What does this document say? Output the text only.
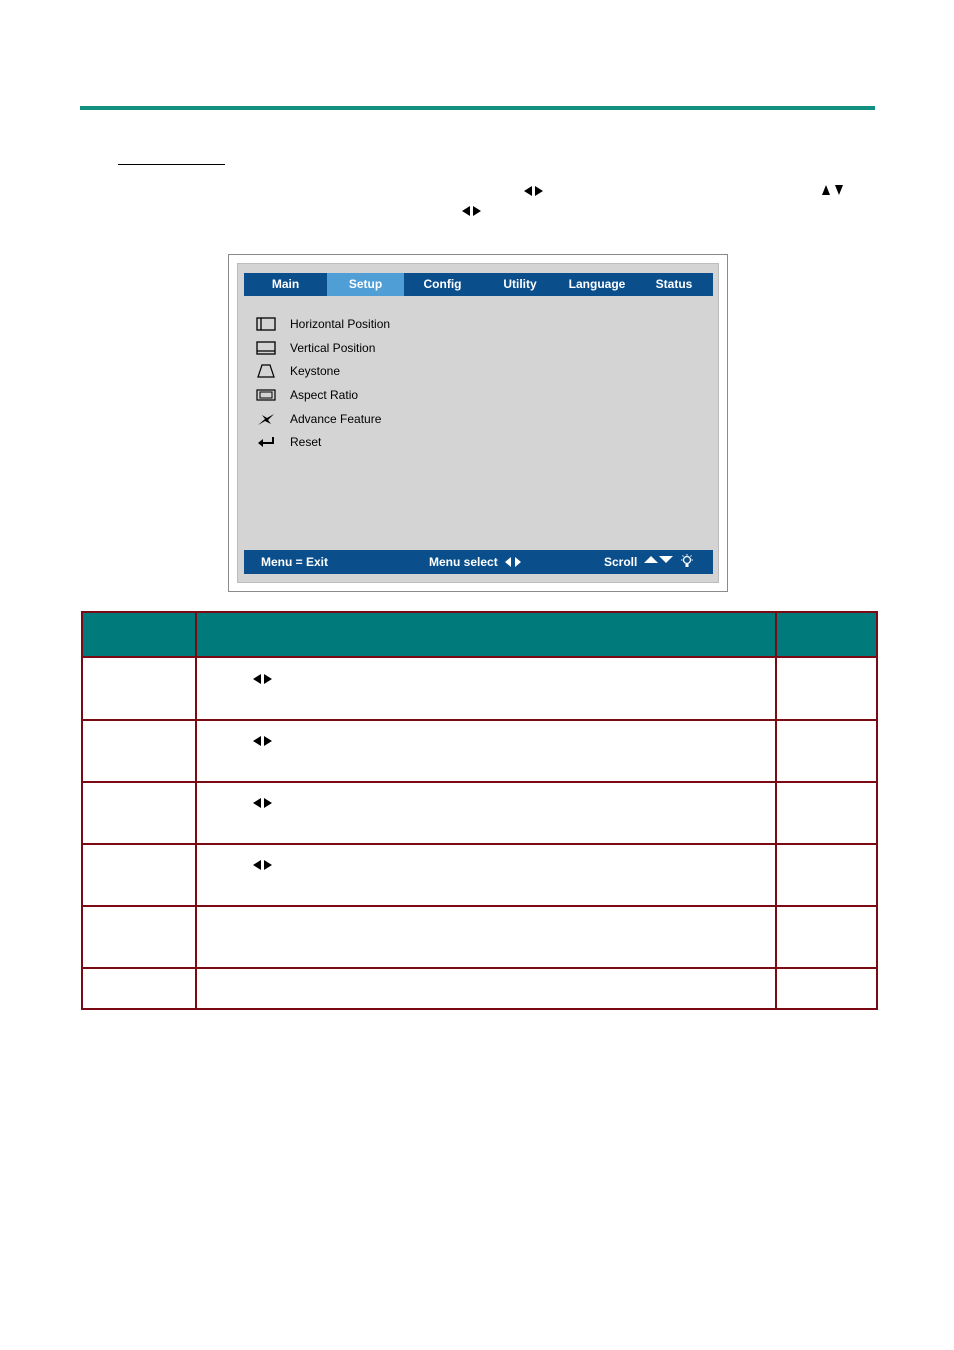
Main	Setup	Config	Utility	Language	Status
Horizontal Position
Vertical Position
Keystone
Aspect Ratio
Advance Feature
Reset
Menu = Exit	Menu select	Scroll
